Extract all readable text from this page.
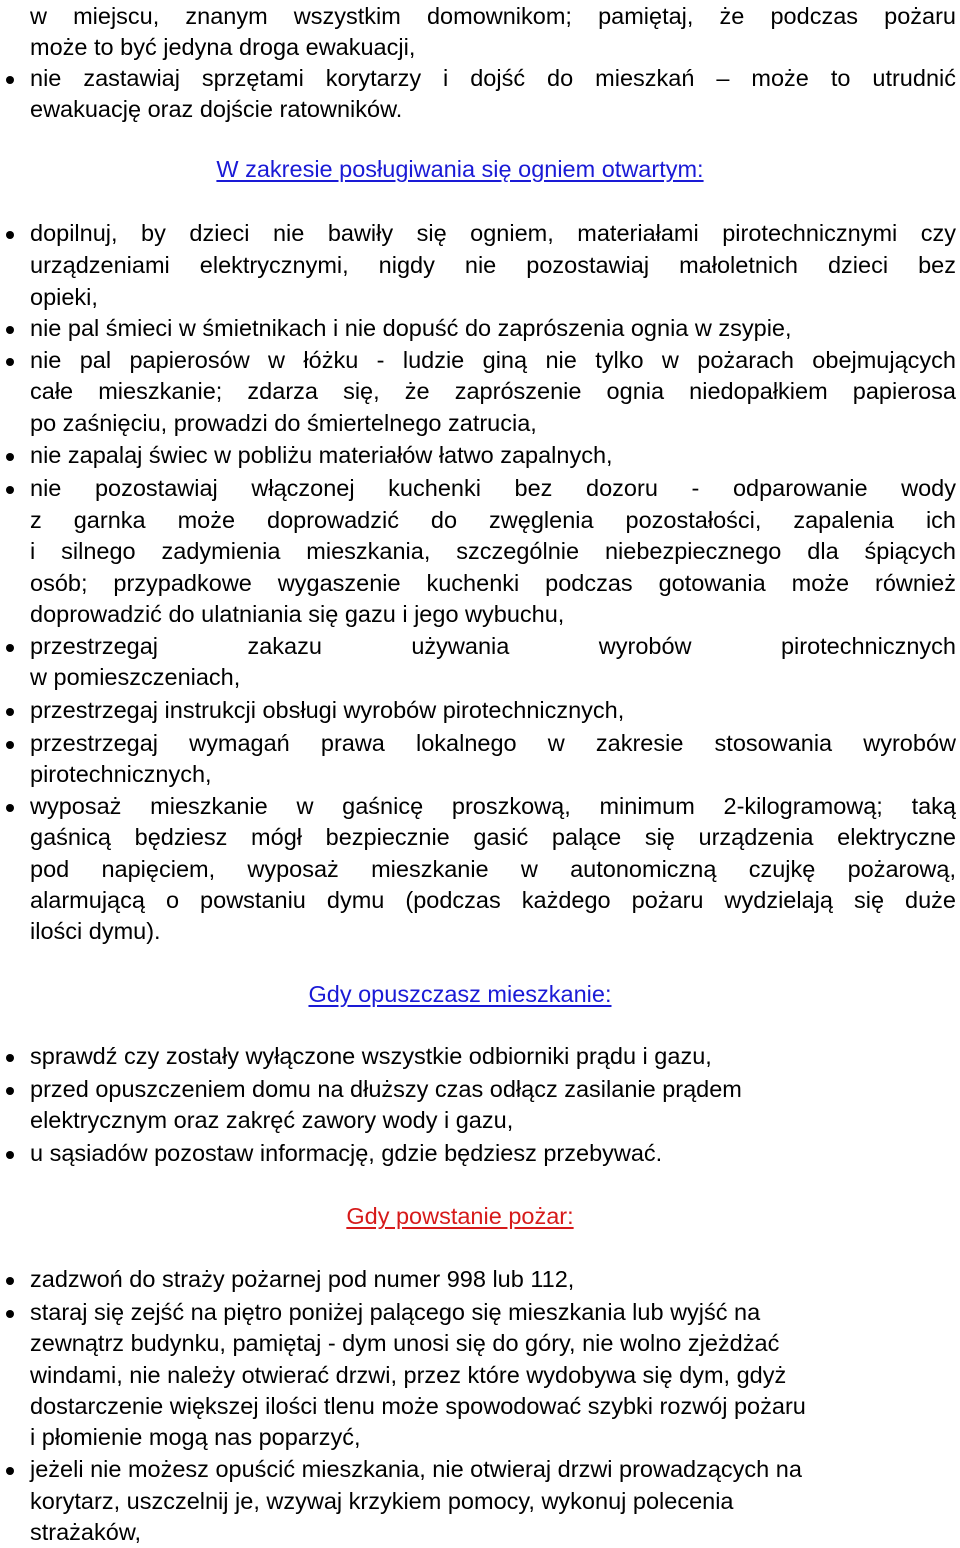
w miejscu, znanym wszystkim domownikom; pamiętaj, że podczas pożaru
może to być jedyna droga ewakuacji,
nie zastawiaj sprzętami korytarzy i dojść do mieszkań – może to utrudnić
ewakuację oraz dojście ratowników.
W zakresie posługiwania się ogniem otwartym:
dopilnuj, by dzieci nie bawiły się ogniem, materiałami pirotechnicznymi czy
urządzeniami elektrycznymi, nigdy nie pozostawiaj małoletnich dzieci bez
opieki,
nie pal śmieci w śmietnikach i nie dopuść do zaprószenia ognia w zsypie,
nie pal papierosów w łóżku - ludzie giną nie tylko w pożarach obejmujących
całe mieszkanie; zdarza się, że zaprószenie ognia niedopałkiem papierosa
po zaśnięciu, prowadzi do śmiertelnego zatrucia,
nie zapalaj świec w pobliżu materiałów łatwo zapalnych,
nie pozostawiaj włączonej kuchenki bez dozoru - odparowanie wody
z garnka może doprowadzić do zwęglenia pozostałości, zapalenia ich
i silnego zadymienia mieszkania, szczególnie niebezpiecznego dla śpiących
osób; przypadkowe wygaszenie kuchenki podczas gotowania może również
doprowadzić do ulatniania się gazu i jego wybuchu,
przestrzegaj zakazu używania wyrobów pirotechnicznych
w pomieszczeniach,
przestrzegaj instrukcji obsługi wyrobów pirotechnicznych,
przestrzegaj wymagań prawa lokalnego w zakresie stosowania wyrobów
pirotechnicznych,
wyposaż mieszkanie w gaśnicę proszkową, minimum 2-kilogramową; taką
gaśnicą będziesz mógł bezpiecznie gasić palące się urządzenia elektryczne
pod napięciem, wyposaż mieszkanie w autonomiczną czujkę pożarową,
alarmującą o powstaniu dymu (podczas każdego pożaru wydzielają się duże
ilości dymu).
Gdy opuszczasz mieszkanie:
sprawdź czy zostały wyłączone wszystkie odbiorniki prądu i gazu,
przed opuszczeniem domu na dłuższy czas odłącz zasilanie prądem
elektrycznym oraz zakręć zawory wody i gazu,
u sąsiadów pozostaw informację, gdzie będziesz przebywać.
Gdy powstanie pożar:
zadzwoń do straży pożarnej pod numer 998 lub 112,
staraj się zejść na piętro poniżej palącego się mieszkania lub wyjść na
zewnątrz budynku, pamiętaj - dym unosi się do góry, nie wolno zjeżdżać
windami, nie należy otwierać drzwi, przez które wydobywa się dym, gdyż
dostarczenie większej ilości tlenu może spowodować szybki rozwój pożaru
i płomienie mogą nas poparzyć,
jeżeli nie możesz opuścić mieszkania, nie otwieraj drzwi prowadzących na
korytarz, uszczelnij je, wzywaj krzykiem pomocy, wykonuj polecenia
strażaków,
